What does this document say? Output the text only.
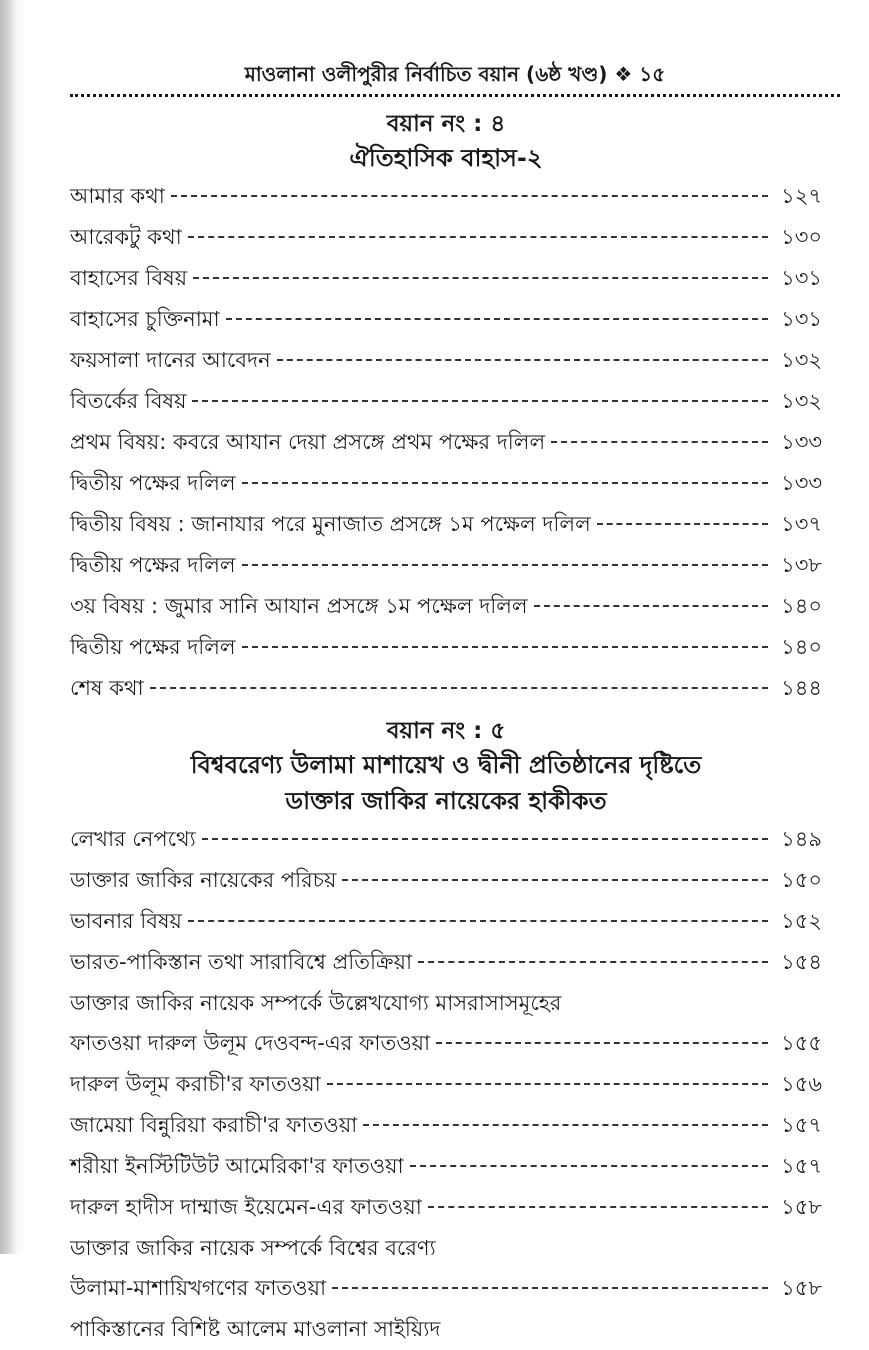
মাওলানা ওলীপুরীর নির্বাচিত বয়ান (৬ষ্ঠ খণ্ড) ❖ ১৫
বয়ান নং : ৪
ঐতিহাসিক বাহাস-২
আমার কথা	১২৭
আরেকটু কথা	১৩০
বাহাসের বিষয়	১৩১
বাহাসের চুক্তিনামা	১৩১
ফয়সালা দানের আবেদন	১৩২
বিতর্কের বিষয়	১৩২
প্রথম বিষয়: কবরে আযান দেয়া প্রসঙ্গে প্রথম পক্ষের দলিল	১৩৩
দ্বিতীয় পক্ষের দলিল	১৩৩
দ্বিতীয় বিষয় : জানাযার পরে মুনাজাত প্রসঙ্গে ১ম পক্ষেল দলিল	১৩৭
দ্বিতীয় পক্ষের দলিল	১৩৮
৩য় বিষয় : জুমার সানি আযান প্রসঙ্গে ১ম পক্ষেল দলিল	১৪০
দ্বিতীয় পক্ষের দলিল	১৪০
শেষ কথা	১৪৪
বয়ান নং : ৫
বিশ্ববরেণ্য উলামা মাশায়েখ ও দ্বীনী প্রতিষ্ঠানের দৃষ্টিতে
ডাক্তার জাকির নায়েকের হাকীকত
লেখার নেপথ্যে	১৪৯
ডাক্তার জাকির নায়েকের পরিচয়	১৫০
ভাবনার বিষয়	১৫২
ভারত-পাকিস্তান তথা সারাবিশ্বে প্রতিক্রিয়া	১৫৪
ডাক্তার জাকির নায়েক সম্পর্কে উল্লেখযোগ্য মাসরাসাসমূহের
ফাতওয়া দারুল উলূম দেওবন্দ-এর ফাতওয়া	১৫৫
দারুল উলূম করাচী'র ফাতওয়া	১৫৬
জামেয়া বিন্নুরিয়া করাচী'র ফাতওয়া	১৫৭
শরীয়া ইনস্টিটিউট আমেরিকা'র ফাতওয়া	১৫৭
দারুল হাদীস দাম্মাজ ইয়েমেন-এর ফাতওয়া	১৫৮
ডাক্তার জাকির নায়েক সম্পর্কে বিশ্বের বরেণ্য
উলামা-মাশায়িখগণের ফাতওয়া	১৫৮
পাকিস্তানের বিশিষ্ট আলেম মাওলানা সাইয়্যিদ
